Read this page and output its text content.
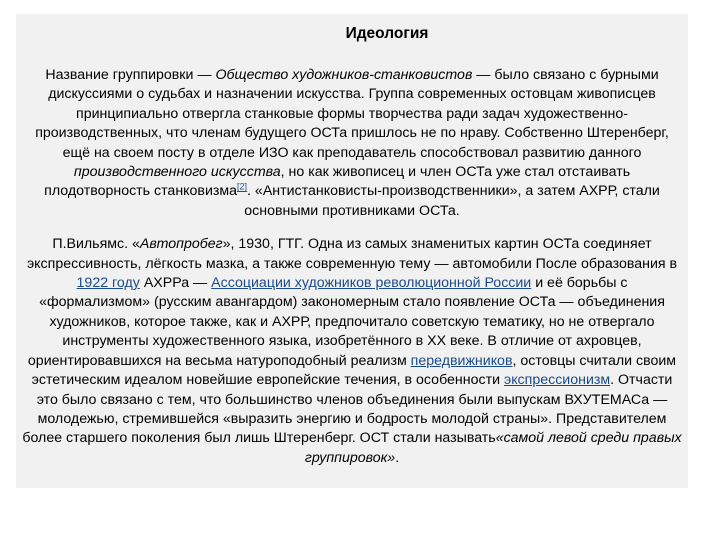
Идеология

Название группировки — Общество художников-станковистов — было связано с бурными дискуссиями о судьбах и назначении искусства. Группа современных остовцам живописцев принципиально отвергла станковые формы творчества ради задач художественно-производственных, что членам будущего ОСТа пришлось не по нраву. Собственно Штеренберг, ещё на своем посту в отделе ИЗО как преподаватель способствовал развитию данного производственного искусства, но как живописец и член ОСТа уже стал отстаивать плодотворность станковизма[2]. «Антистанковисты-производственники», а затем АХРР, стали основными противниками ОСТа.

П.Вильямс. «Автопробег», 1930, ГТГ. Одна из самых знаменитых картин ОСТа соединяет экспрессивность, лёгкость мазка, а также современную тему — автомобили После образования в 1922 году АХРРа — Ассоциации художников революционной России и её борьбы с «формализмом» (русским авангардом) закономерным стало появление ОСТа — объединения художников, которое также, как и АХРР, предпочитало советскую тематику, но не отвергало инструменты художественного языка, изобретённого в XX веке. В отличие от ахровцев, ориентировавшихся на весьма натуроподобный реализм передвижников, остовцы считали своим эстетическим идеалом новейшие европейские течения, в особенности экспрессионизм. Отчасти это было связано с тем, что большинство членов объединения были выпускам ВХУТЕМАСа — молодежью, стремившейся «выразить энергию и бодрость молодой страны». Представителем более старшего поколения был лишь Штеренберг. ОСТ стали называть«самой левой среди правых группировок».
